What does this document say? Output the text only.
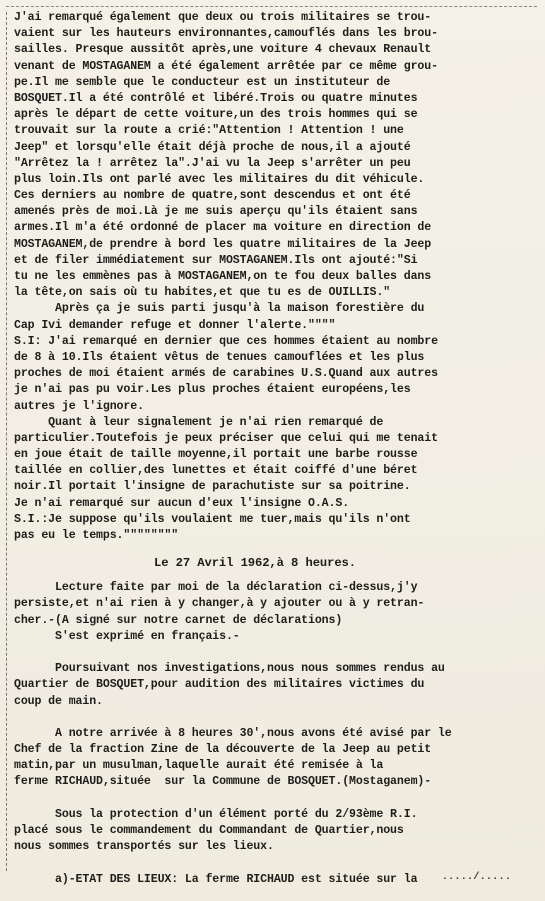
J'ai remarqué également que deux ou trois militaires se trou-
vaient sur les hauteurs environnantes,camouflés dans les brou-
sailles. Presque aussitôt après,une voiture 4 chevaux Renault
venant de MOSTAGANEM a été également arrêtée par ce même grou-
pe.Il me semble que le conducteur est un instituteur de
BOSQUET.Il a été contrôlé et libéré.Trois ou quatre minutes
après le départ de cette voiture,un des trois hommes qui se
trouvait sur la route a crié:"Attention ! Attention ! une
Jeep" et lorsqu'elle était déjà proche de nous,il a ajouté
"Arrêtez la ! arrêtez la".J'ai vu la Jeep s'arrêter un peu
plus loin.Ils ont parlé avec les militaires du dit véhicule.
Ces derniers au nombre de quatre,sont descendus et ont été
amenés près de moi.Là je me suis aperçu qu'ils étaient sans
armes.Il m'a été ordonné de placer ma voiture en direction de
MOSTAGANEM,de prendre à bord les quatre militaires de la Jeep
et de filer immédiatement sur MOSTAGANEM.Ils ont ajouté:"Si
tu ne les emmènes pas à MOSTAGANEM,on te fou deux balles dans
la tête,on sais où tu habites,et que tu es de OUILLIS."
Après ça je suis parti jusqu'à la maison forestière du
Cap Ivi demander refuge et donner l'alerte.""""
S.I: J'ai remarqué en dernier que ces hommes étaient au nombre
de 8 à 10.Ils étaient vêtus de tenues camouflées et les plus
proches de moi étaient armés de carabines U.S.Quand aux autres
je n'ai pas pu voir.Les plus proches étaient européens,les
autres je l'ignore.
Quant à leur signalement je n'ai rien remarqué de
particulier.Toutefois je peux préciser que celui qui me tenait
en joue était de taille moyenne,il portait une barbe rousse
taillée en collier,des lunettes et était coiffé d'une béret
noir.Il portait l'insigne de parachutiste sur sa poitrine.
Je n'ai remarqué sur aucun d'eux l'insigne O.A.S.
S.I.:Je suppose qu'ils voulaient me tuer,mais qu'ils n'ont
pas eu le temps.""""""""
Le 27 Avril 1962,à 8 heures.
Lecture faite par moi de la déclaration ci-dessus,j'y
persiste,et n'ai rien à y changer,à y ajouter ou à y retran-
cher.-(A signé sur notre carnet de déclarations)
S'est exprimé en français.-
Poursuivant nos investigations,nous nous sommes rendus au
Quartier de BOSQUET,pour audition des militaires victimes du
coup de main.
A notre arrivée à 8 heures 30',nous avons été avisé par le
Chef de la fraction Zine de la découverte de la Jeep au petit
matin,par un musulman,laquelle aurait été remisée à la
ferme RICHAUD,située  sur la Commune de BOSQUET.(Mostaganem)-
Sous la protection d'un élément porté du 2/93ème R.I.
placé sous le commandement du Commandant de Quartier,nous
nous sommes transportés sur les lieux.
a)-ETAT DES LIEUX: La ferme RICHAUD est située sur la	...../.....
